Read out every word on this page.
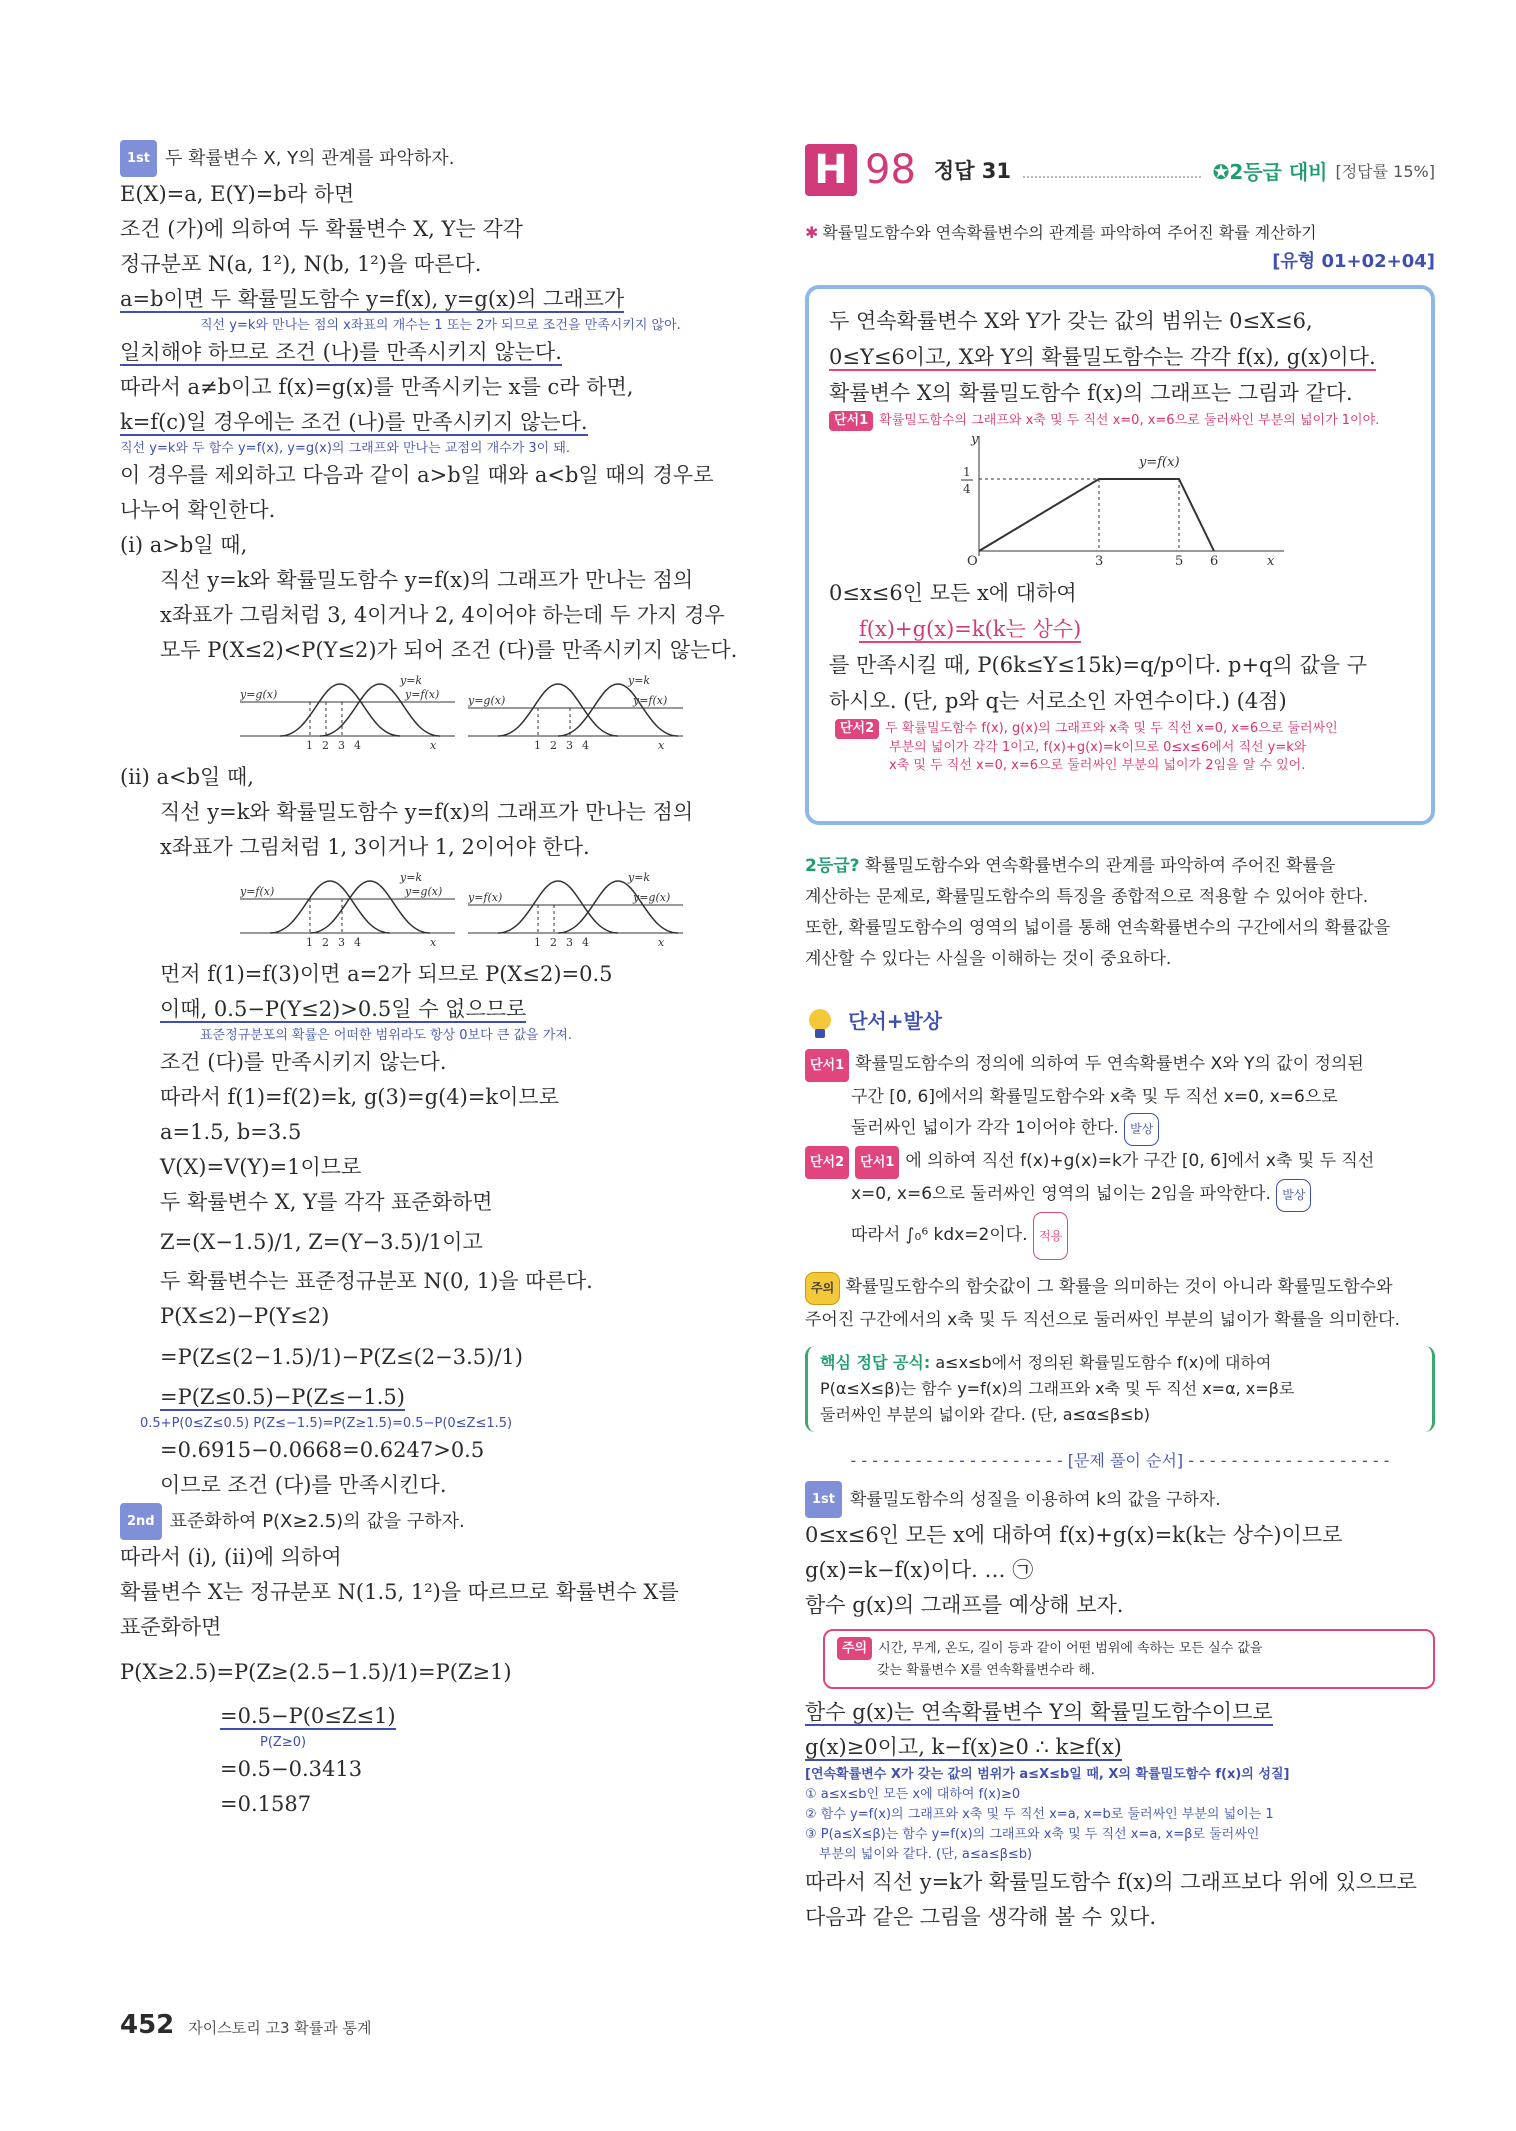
1st 두 확률변수 X, Y의 관계를 파악하자.
E(X)=a, E(Y)=b라 하면
조건 (가)에 의하여 두 확률변수 X, Y는 각각
정규분포 N(a, 1²), N(b, 1²)을 따른다.
a=b이면 두 확률밀도함수 y=f(x), y=g(x)의 그래프가
직선 y=k와 만나는 점의 x좌표의 개수는 1 또는 2가 되므로 조건을 만족시키지 않아.
일치해야 하므로 조건 (나)를 만족시키지 않는다.
따라서 a≠b이고 f(x)=g(x)를 만족시키는 x를 c라 하면,
k=f(c)일 경우에는 조건 (나)를 만족시키지 않는다.
직선 y=k와 두 함수 y=f(x), y=g(x)의 그래프와 만나는 교점의 개수가 3이 돼.
이 경우를 제외하고 다음과 같이 a>b일 때와 a<b일 때의 경우로
나누어 확인한다.
(i) a>b일 때,
직선 y=k와 확률밀도함수 y=f(x)의 그래프가 만나는 점의
x좌표가 그림처럼 3, 4이거나 2, 4이어야 하는데 두 가지 경우
모두 P(X≤2)<P(Y≤2)가 되어 조건 (다)를 만족시키지 않는다.
y=g(x)	y=f(x)
y=k
1 2 3 4	x
y=g(x)	y=f(x)
y=k
1 2 3 4	x
(ii) a<b일 때,
직선 y=k와 확률밀도함수 y=f(x)의 그래프가 만나는 점의
x좌표가 그림처럼 1, 3이거나 1, 2이어야 한다.
y=f(x)	y=g(x)
y=k
1 2 3 4	x
y=f(x)	y=g(x)
y=k
1 2 3 4	x
먼저 f(1)=f(3)이면 a=2가 되므로 P(X≤2)=0.5
이때, 0.5−P(Y≤2)>0.5일 수 없으므로
표준정규분포의 확률은 어떠한 범위라도 항상 0보다 큰 값을 가져.
조건 (다)를 만족시키지 않는다.
따라서 f(1)=f(2)=k, g(3)=g(4)=k이므로
a=1.5, b=3.5
V(X)=V(Y)=1이므로
두 확률변수 X, Y를 각각 표준화하면
Z=(X−1.5)/1, Z=(Y−3.5)/1이고
두 확률변수는 표준정규분포 N(0, 1)을 따른다.
P(X≤2)−P(Y≤2)
=P(Z≤(2−1.5)/1)−P(Z≤(2−3.5)/1)
=P(Z≤0.5)−P(Z≤−1.5)
0.5+P(0≤Z≤0.5) P(Z≤−1.5)=P(Z≥1.5)=0.5−P(0≤Z≤1.5)
=0.6915−0.0668=0.6247>0.5
이므로 조건 (다)를 만족시킨다.
2nd 표준화하여 P(X≥2.5)의 값을 구하자.
따라서 (i), (ii)에 의하여
확률변수 X는 정규분포 N(1.5, 1²)을 따르므로 확률변수 X를
표준화하면
P(X≥2.5)=P(Z≥(2.5−1.5)/1)=P(Z≥1)
=0.5−P(0≤Z≤1)
P(Z≥0)
=0.5−0.3413
=0.1587
H 98 정답 31	✪2등급 대비 [정답률 15%]
✱ 확률밀도함수와 연속확률변수의 관계를 파악하여 주어진 확률 계산하기
[유형 01+02+04]
두 연속확률변수 X와 Y가 갖는 값의 범위는 0≤X≤6,
0≤Y≤6이고, X와 Y의 확률밀도함수는 각각 f(x), g(x)이다.
확률변수 X의 확률밀도함수 f(x)의 그래프는 그림과 같다.
단서1 확률밀도함수의 그래프와 x축 및 두 직선 x=0, x=6으로 둘러싸인 부분의 넓이가 1이야.
y
y=f(x)
1
4
O	3	5 6	x
0≤x≤6인 모든 x에 대하여
f(x)+g(x)=k(k는 상수)
를 만족시킬 때, P(6k≤Y≤15k)=q/p이다. p+q의 값을 구
하시오. (단, p와 q는 서로소인 자연수이다.) (4점)
단서2 두 확률밀도함수 f(x), g(x)의 그래프와 x축 및 두 직선 x=0, x=6으로 둘러싸인
부분의 넓이가 각각 1이고, f(x)+g(x)=k이므로 0≤x≤6에서 직선 y=k와
x축 및 두 직선 x=0, x=6으로 둘러싸인 부분의 넓이가 2임을 알 수 있어.
2등급? 확률밀도함수와 연속확률변수의 관계를 파악하여 주어진 확률을
계산하는 문제로, 확률밀도함수의 특징을 종합적으로 적용할 수 있어야 한다.
또한, 확률밀도함수의 영역의 넓이를 통해 연속확률변수의 구간에서의 확률값을
계산할 수 있다는 사실을 이해하는 것이 중요하다.
단서+발상
단서1 확률밀도함수의 정의에 의하여 두 연속확률변수 X와 Y의 값이 정의된
구간 [0, 6]에서의 확률밀도함수와 x축 및 두 직선 x=0, x=6으로
둘러싸인 넓이가 각각 1이어야 한다. 발상
단서2 단서1 에 의하여 직선 f(x)+g(x)=k가 구간 [0, 6]에서 x축 및 두 직선
x=0, x=6으로 둘러싸인 영역의 넓이는 2임을 파악한다. 발상
따라서 ∫₀⁶ kdx=2이다. 적용
주의 확률밀도함수의 함숫값이 그 확률을 의미하는 것이 아니라 확률밀도함수와
주어진 구간에서의 x축 및 두 직선으로 둘러싸인 부분의 넓이가 확률을 의미한다.
핵심 정답 공식: a≤x≤b에서 정의된 확률밀도함수 f(x)에 대하여
P(α≤X≤β)는 함수 y=f(x)의 그래프와 x축 및 두 직선 x=α, x=β로
둘러싸인 부분의 넓이와 같다. (단, a≤α≤β≤b)
- - - - - - - - - - - - - - - - - - - - [문제 풀이 순서] - - - - - - - - - - - - - - - - - - -
1st 확률밀도함수의 성질을 이용하여 k의 값을 구하자.
0≤x≤6인 모든 x에 대하여 f(x)+g(x)=k(k는 상수)이므로
g(x)=k−f(x)이다. … ㉠
함수 g(x)의 그래프를 예상해 보자.
주의 시간, 무게, 온도, 길이 등과 같이 어떤 범위에 속하는 모든 실수 값을
갖는 확률변수 X를 연속확률변수라 해.
함수 g(x)는 연속확률변수 Y의 확률밀도함수이므로
g(x)≥0이고, k−f(x)≥0 ∴ k≥f(x)
[연속확률변수 X가 갖는 값의 범위가 a≤X≤b일 때, X의 확률밀도함수 f(x)의 성질]
① a≤x≤b인 모든 x에 대하여 f(x)≥0
② 함수 y=f(x)의 그래프와 x축 및 두 직선 x=a, x=b로 둘러싸인 부분의 넓이는 1
③ P(a≤X≤β)는 함수 y=f(x)의 그래프와 x축 및 두 직선 x=a, x=β로 둘러싸인
부분의 넓이와 같다. (단, a≤a≤β≤b)
따라서 직선 y=k가 확률밀도함수 f(x)의 그래프보다 위에 있으므로
다음과 같은 그림을 생각해 볼 수 있다.
452 자이스토리 고3 확률과 통계
